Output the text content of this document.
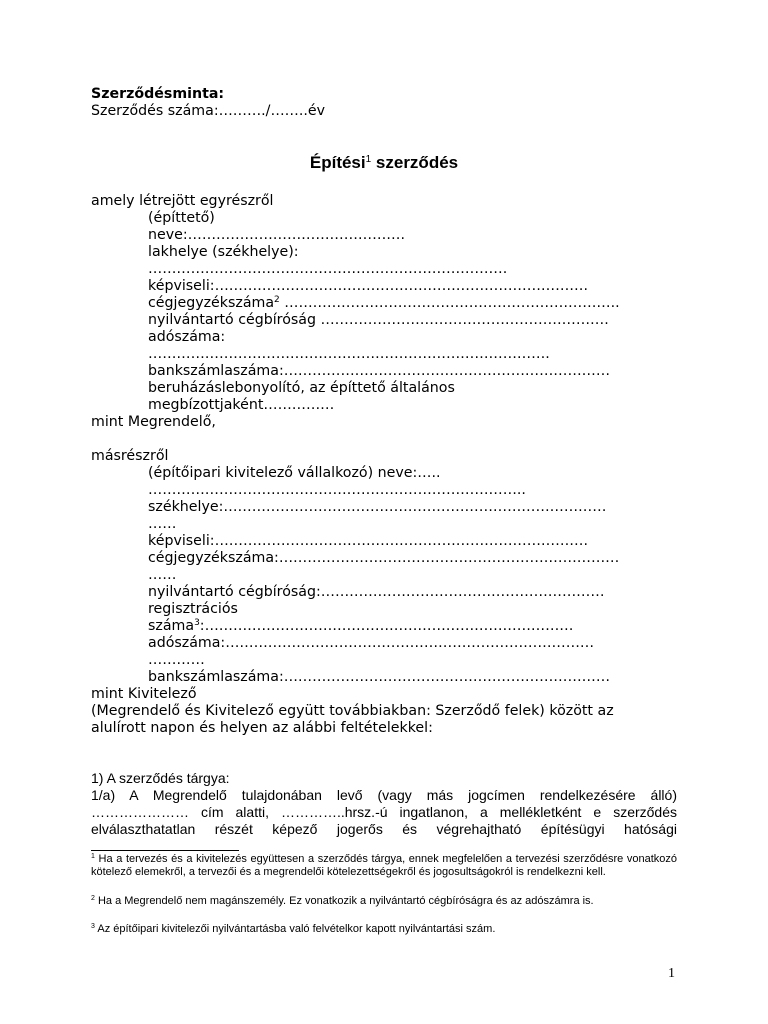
Szerződésminta:

Szerződés száma:………./……..év

Építési$^1$ szerződés

amely létrejött egyrészről

(építtető)

neve:……………………………………….

lakhelye (székhelye):

………………………………………………………………….

képviseli:…………………………………………………………………….

cégjegyzékszáma$^2$ ……………………………………………………………..

nyilvántartó cégbíróság …………………………………………………….

adószáma:

………………………………………………………………………….

bankszámlaszáma:……………………………………………………………

beruházáslebonyolító, az építtető általános

megbízottjaként……………

mint Megrendelő,

másrészről

(építőipari kivitelező vállalkozó) neve:…..

……………………………………………………………………..

székhelye:………………………………………………………………………

……

képviseli:…………………………………………………………………….

cégjegyzékszáma:………………………………………………………………

……

nyilvántartó cégbíróság:……………………………………………………

regisztrációs

száma$^3$:……………………………………………………………………

adószáma:……………………………………………………………………

…………

bankszámlaszáma:……………………………………………………………

mint Kivitelező

(Megrendelő és Kivitelező együtt továbbiakban: Szerződő felek) között az

alulírott napon és helyen az alábbi feltételekkel:

1) A szerződés tárgya:

1/a) A Megrendelő tulajdonában levő (vagy más jogcímen rendelkezésére álló)

………………… cím alatti, …………..hrsz.-ú ingatlanon, a mellékletként e szerződés

elválaszthatatlan részét képező jogerős és végrehajtható építésügyi hatósági

$^1$ Ha a tervezés és a kivitelezés együttesen a szerződés tárgya, ennek megfelelően a tervezési szerződésre vonatkozó kötelező elemekről, a tervezői és a megrendelői kötelezettségekről és jogosultságokról is rendelkezni kell.

$^2$ Ha a Megrendelő nem magánszemély. Ez vonatkozik a nyilvántartó cégbíróságra és az adószámra is.

$^3$ Az építőipari kivitelezői nyilvántartásba való felvételkor kapott nyilvántartási szám.

1
